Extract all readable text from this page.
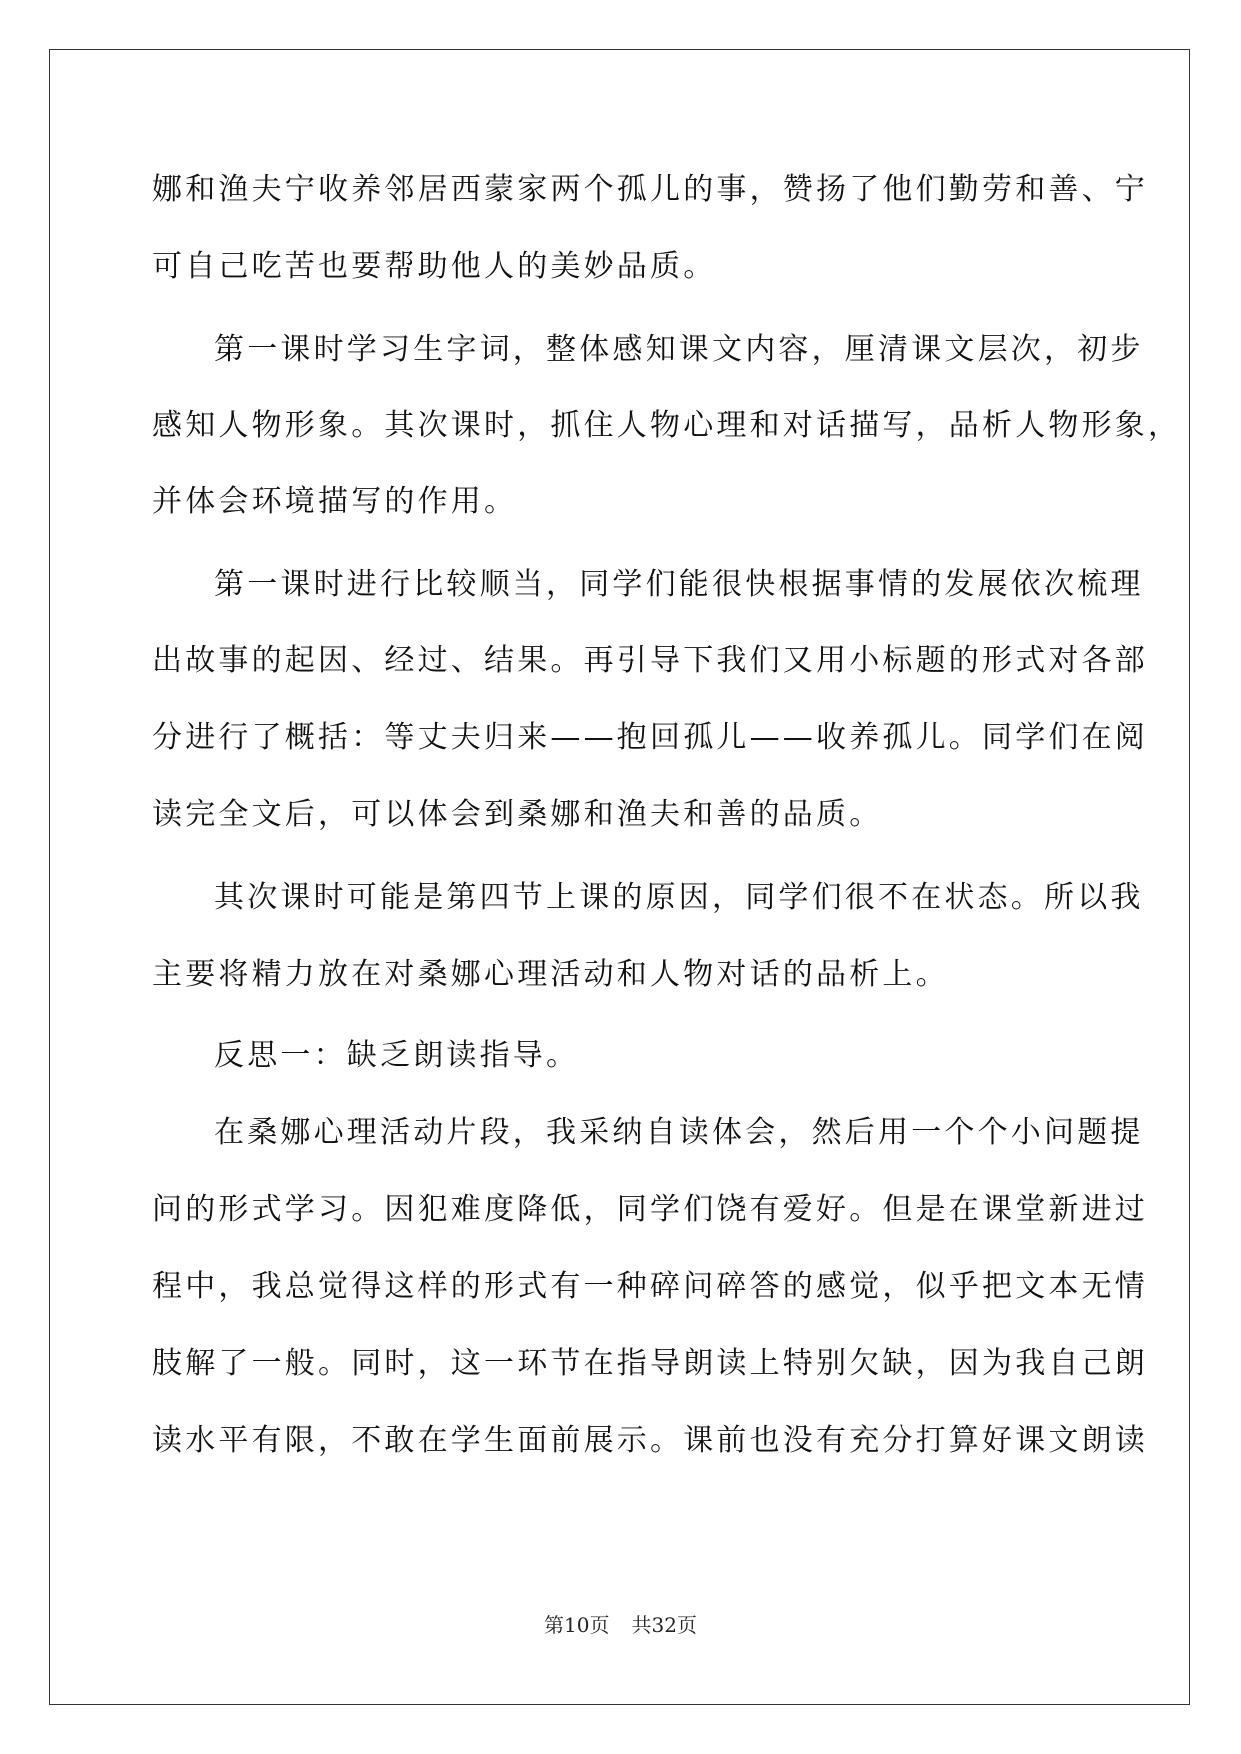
娜和渔夫宁收养邻居西蒙家两个孤儿的事，赞扬了他们勤劳和善、宁
可自己吃苦也要帮助他人的美妙品质。
第一课时学习生字词，整体感知课文内容，厘清课文层次，初步
感知人物形象。其次课时，抓住人物心理和对话描写，品析人物形象，
并体会环境描写的作用。
第一课时进行比较顺当，同学们能很快根据事情的发展依次梳理
出故事的起因、经过、结果。再引导下我们又用小标题的形式对各部
分进行了概括：等丈夫归来——抱回孤儿——收养孤儿。同学们在阅
读完全文后，可以体会到桑娜和渔夫和善的品质。
其次课时可能是第四节上课的原因，同学们很不在状态。所以我
主要将精力放在对桑娜心理活动和人物对话的品析上。
反思一：缺乏朗读指导。
在桑娜心理活动片段，我采纳自读体会，然后用一个个小问题提
问的形式学习。因犯难度降低，同学们饶有爱好。但是在课堂新进过
程中，我总觉得这样的形式有一种碎问碎答的感觉，似乎把文本无情
肢解了一般。同时，这一环节在指导朗读上特别欠缺，因为我自己朗
读水平有限，不敢在学生面前展示。课前也没有充分打算好课文朗读
第10页 共32页
